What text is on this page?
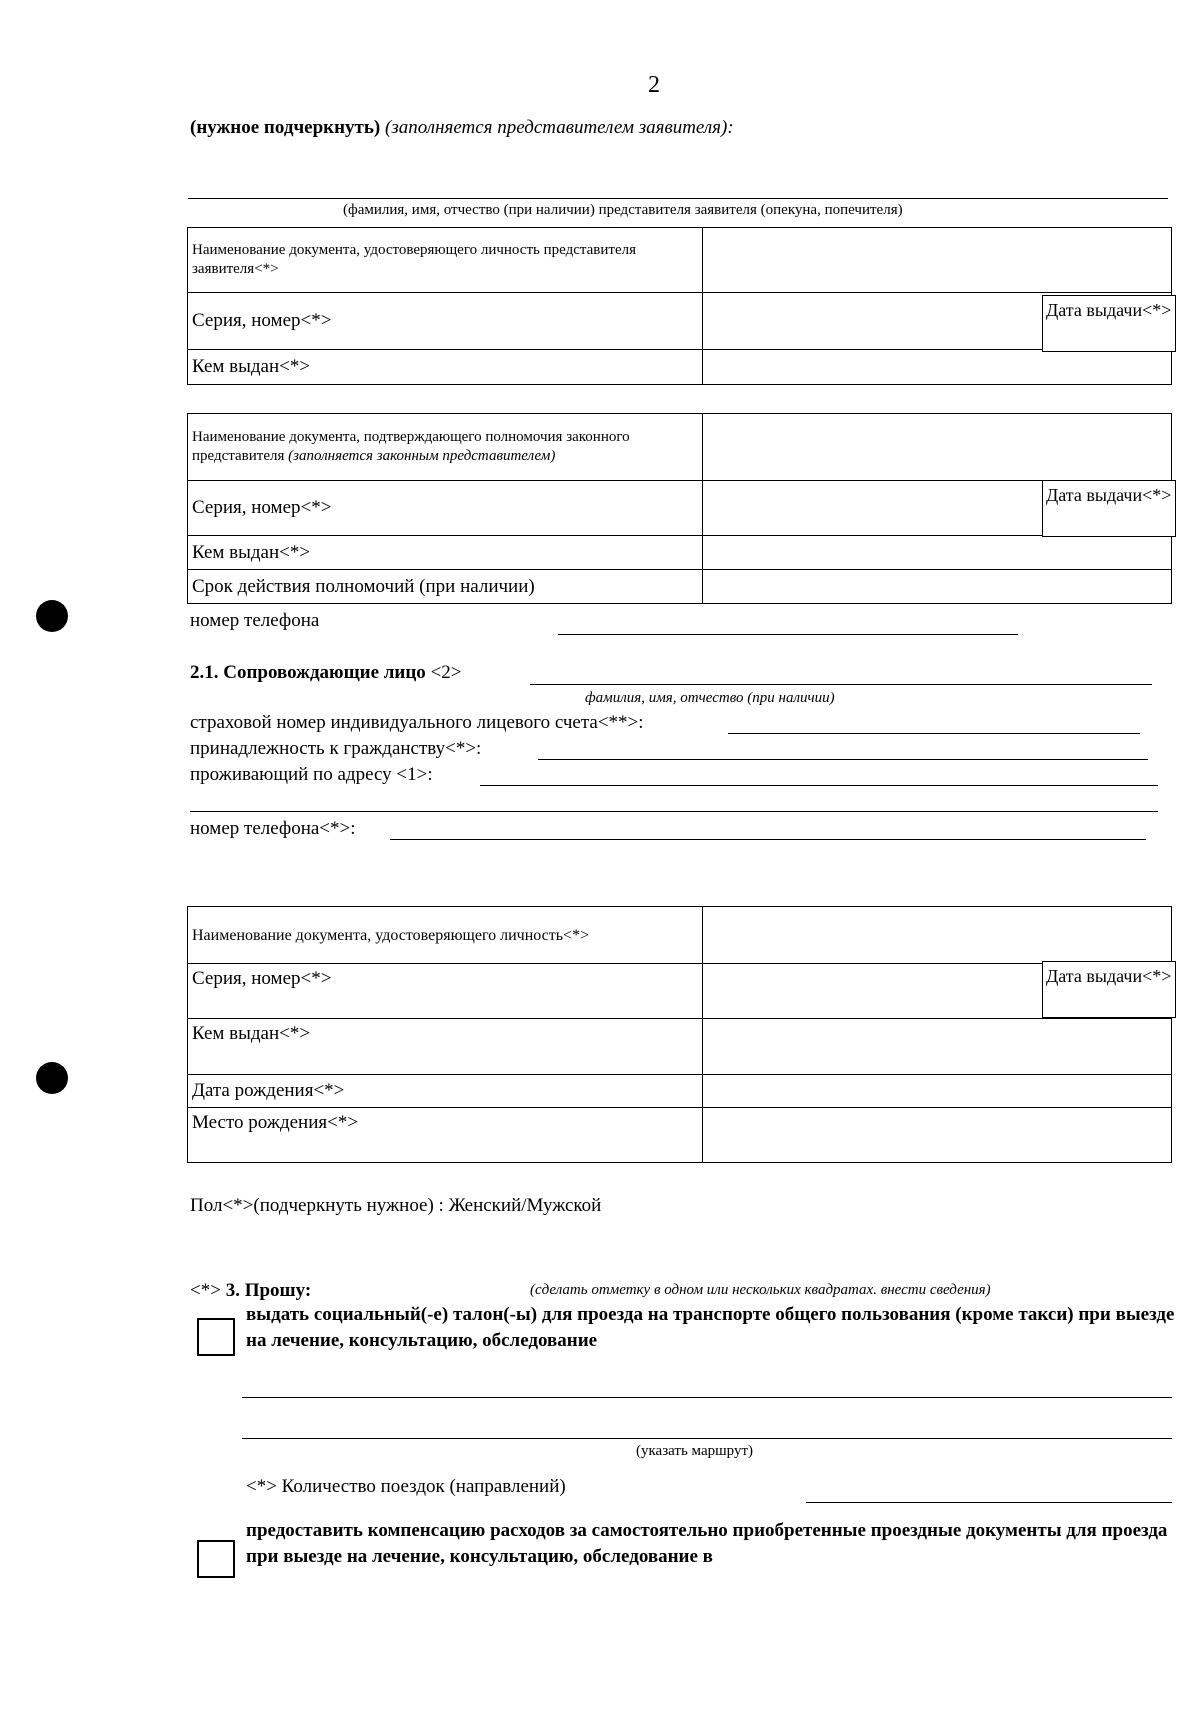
2
(нужное подчеркнуть) (заполняется представителем заявителя):
(фамилия, имя, отчество (при наличии) представителя заявителя (опекуна, попечителя)
Наименование документа, удостоверяющего личность представителя заявителя<*>	
Серия, номер<*>	
Кем выдан<*>	
Дата выдачи<*>
Наименование документа, подтверждающего полномочия законного представителя (заполняется законным представителем)	
Серия, номер<*>	
Кем выдан<*>	
Срок действия полномочий (при наличии)	
Дата выдачи<*>
номер телефона
2.1. Сопровождающие лицо <2>
фамилия, имя, отчество (при наличии)
страховой номер индивидуального лицевого счета<**>:
принадлежность к гражданству<*>:
проживающий по адресу <1>:
номер телефона<*>:
Наименование документа, удостоверяющего личность<*>	
Серия, номер<*>	
Кем выдан<*>	
Дата рождения<*>	
Место рождения<*>	
Дата выдачи<*>
Пол<*>(подчеркнуть нужное) : Женский/Мужской
<*> 3. Прошу:	(сделать отметку в одном или нескольких квадратах. внести сведения)
выдать социальный(-е) талон(-ы) для проезда на транспорте общего пользования (кроме такси) при выезде на лечение, консультацию, обследование
(указать маршрут)
<*> Количество поездок (направлений)
предоставить компенсацию расходов за самостоятельно приобретенные проездные документы для проезда при выезде на лечение, консультацию, обследование в
